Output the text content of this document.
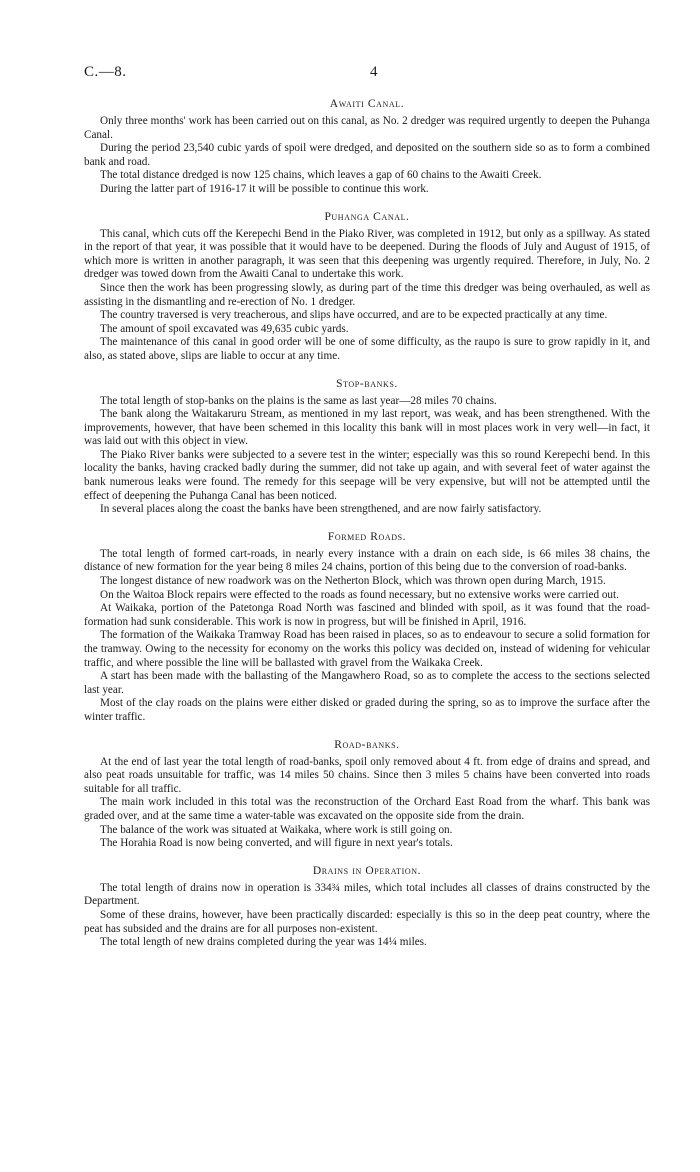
C.—8.	4
Awaiti Canal.

Only three months' work has been carried out on this canal, as No. 2 dredger was required urgently to deepen the Puhanga Canal.

During the period 23,540 cubic yards of spoil were dredged, and deposited on the southern side so as to form a combined bank and road.

The total distance dredged is now 125 chains, which leaves a gap of 60 chains to the Awaiti Creek.

During the latter part of 1916-17 it will be possible to continue this work.

Puhanga Canal.

This canal, which cuts off the Kerepechi Bend in the Piako River, was completed in 1912, but only as a spillway. As stated in the report of that year, it was possible that it would have to be deepened. During the floods of July and August of 1915, of which more is written in another paragraph, it was seen that this deepening was urgently required. Therefore, in July, No. 2 dredger was towed down from the Awaiti Canal to undertake this work.

Since then the work has been progressing slowly, as during part of the time this dredger was being overhauled, as well as assisting in the dismantling and re-erection of No. 1 dredger.

The country traversed is very treacherous, and slips have occurred, and are to be expected practically at any time.

The amount of spoil excavated was 49,635 cubic yards.

The maintenance of this canal in good order will be one of some difficulty, as the raupo is sure to grow rapidly in it, and also, as stated above, slips are liable to occur at any time.

Stop-banks.

The total length of stop-banks on the plains is the same as last year—28 miles 70 chains.

The bank along the Waitakaruru Stream, as mentioned in my last report, was weak, and has been strengthened. With the improvements, however, that have been schemed in this locality this bank will in most places work in very well—in fact, it was laid out with this object in view.

The Piako River banks were subjected to a severe test in the winter; especially was this so round Kerepechi bend. In this locality the banks, having cracked badly during the summer, did not take up again, and with several feet of water against the bank numerous leaks were found. The remedy for this seepage will be very expensive, but will not be attempted until the effect of deepening the Puhanga Canal has been noticed.

In several places along the coast the banks have been strengthened, and are now fairly satisfactory.

Formed Roads.

The total length of formed cart-roads, in nearly every instance with a drain on each side, is 66 miles 38 chains, the distance of new formation for the year being 8 miles 24 chains, portion of this being due to the conversion of road-banks.

The longest distance of new roadwork was on the Netherton Block, which was thrown open during March, 1915.

On the Waitoa Block repairs were effected to the roads as found necessary, but no extensive works were carried out.

At Waikaka, portion of the Patetonga Road North was fascined and blinded with spoil, as it was found that the road-formation had sunk considerable. This work is now in progress, but will be finished in April, 1916.

The formation of the Waikaka Tramway Road has been raised in places, so as to endeavour to secure a solid formation for the tramway. Owing to the necessity for economy on the works this policy was decided on, instead of widening for vehicular traffic, and where possible the line will be ballasted with gravel from the Waikaka Creek.

A start has been made with the ballasting of the Mangawhero Road, so as to complete the access to the sections selected last year.

Most of the clay roads on the plains were either disked or graded during the spring, so as to improve the surface after the winter traffic.

Road-banks.

At the end of last year the total length of road-banks, spoil only removed about 4 ft. from edge of drains and spread, and also peat roads unsuitable for traffic, was 14 miles 50 chains. Since then 3 miles 5 chains have been converted into roads suitable for all traffic.

The main work included in this total was the reconstruction of the Orchard East Road from the wharf. This bank was graded over, and at the same time a water-table was excavated on the opposite side from the drain.

The balance of the work was situated at Waikaka, where work is still going on.

The Horahia Road is now being converted, and will figure in next year's totals.

Drains in Operation.

The total length of drains now in operation is 334¾ miles, which total includes all classes of drains constructed by the Department.

Some of these drains, however, have been practically discarded: especially is this so in the deep peat country, where the peat has subsided and the drains are for all purposes non-existent.

The total length of new drains completed during the year was 14¼ miles.
